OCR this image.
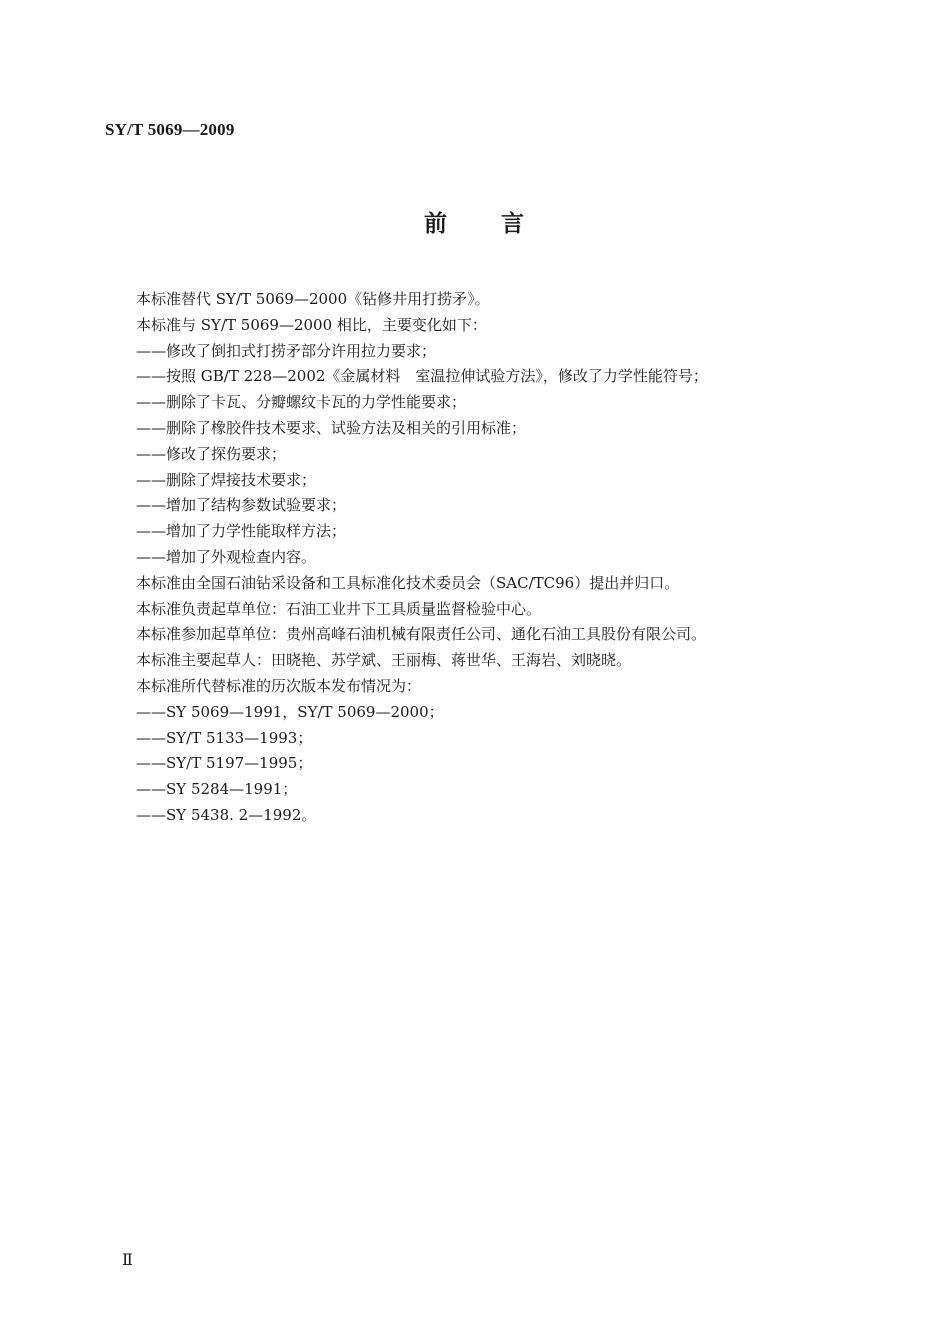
SY/T 5069—2009
前 言
本标准替代 SY/T 5069—2000《钻修井用打捞矛》。
本标准与 SY/T 5069—2000 相比，主要变化如下：
——修改了倒扣式打捞矛部分许用拉力要求；
——按照 GB/T 228—2002《金属材料　室温拉伸试验方法》，修改了力学性能符号；
——删除了卡瓦、分瓣螺纹卡瓦的力学性能要求；
——删除了橡胶件技术要求、试验方法及相关的引用标准；
——修改了探伤要求；
——删除了焊接技术要求；
——增加了结构参数试验要求；
——增加了力学性能取样方法；
——增加了外观检查内容。
本标准由全国石油钻采设备和工具标准化技术委员会（SAC/TC96）提出并归口。
本标准负责起草单位：石油工业井下工具质量监督检验中心。
本标准参加起草单位：贵州高峰石油机械有限责任公司、通化石油工具股份有限公司。
本标准主要起草人：田晓艳、苏学斌、王丽梅、蒋世华、王海岩、刘晓晓。
本标准所代替标准的历次版本发布情况为：
——SY 5069—1991，SY/T 5069—2000；
——SY/T 5133—1993；
——SY/T 5197—1995；
——SY 5284—1991；
——SY 5438. 2—1992。
Ⅱ
